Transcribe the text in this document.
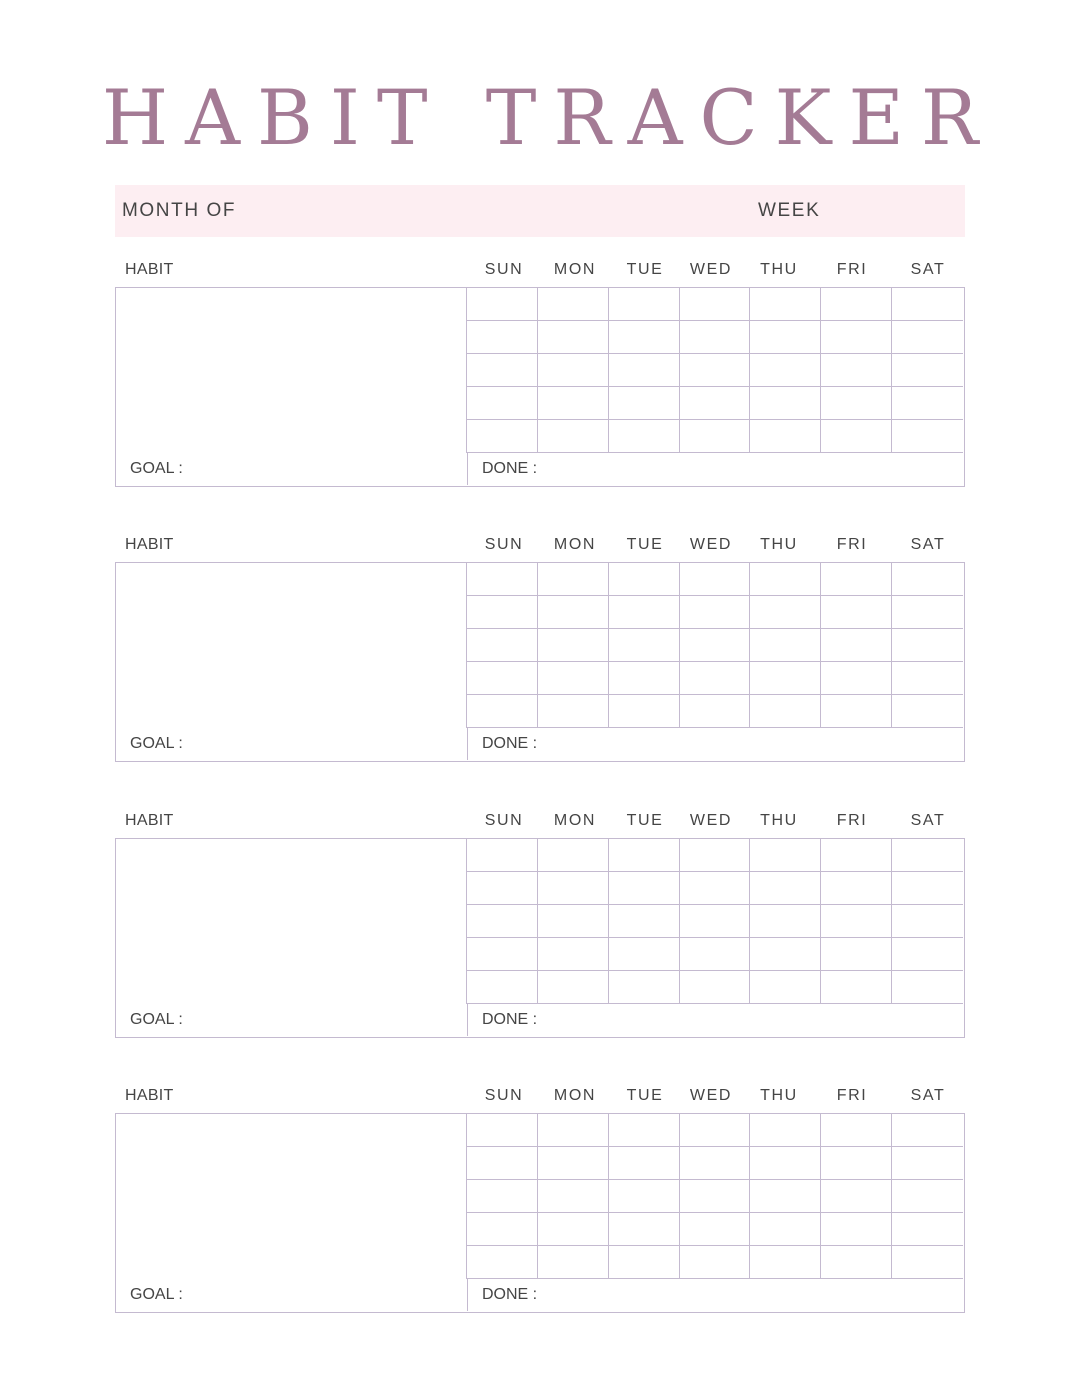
HABIT TRACKER
MONTH OF	WEEK
HABIT	SUN	MON	TUE	WED	THU	FRI	SAT
GOAL :	DONE :
HABIT	SUN	MON	TUE	WED	THU	FRI	SAT
GOAL :	DONE :
HABIT	SUN	MON	TUE	WED	THU	FRI	SAT
GOAL :	DONE :
HABIT	SUN	MON	TUE	WED	THU	FRI	SAT
GOAL :	DONE :
